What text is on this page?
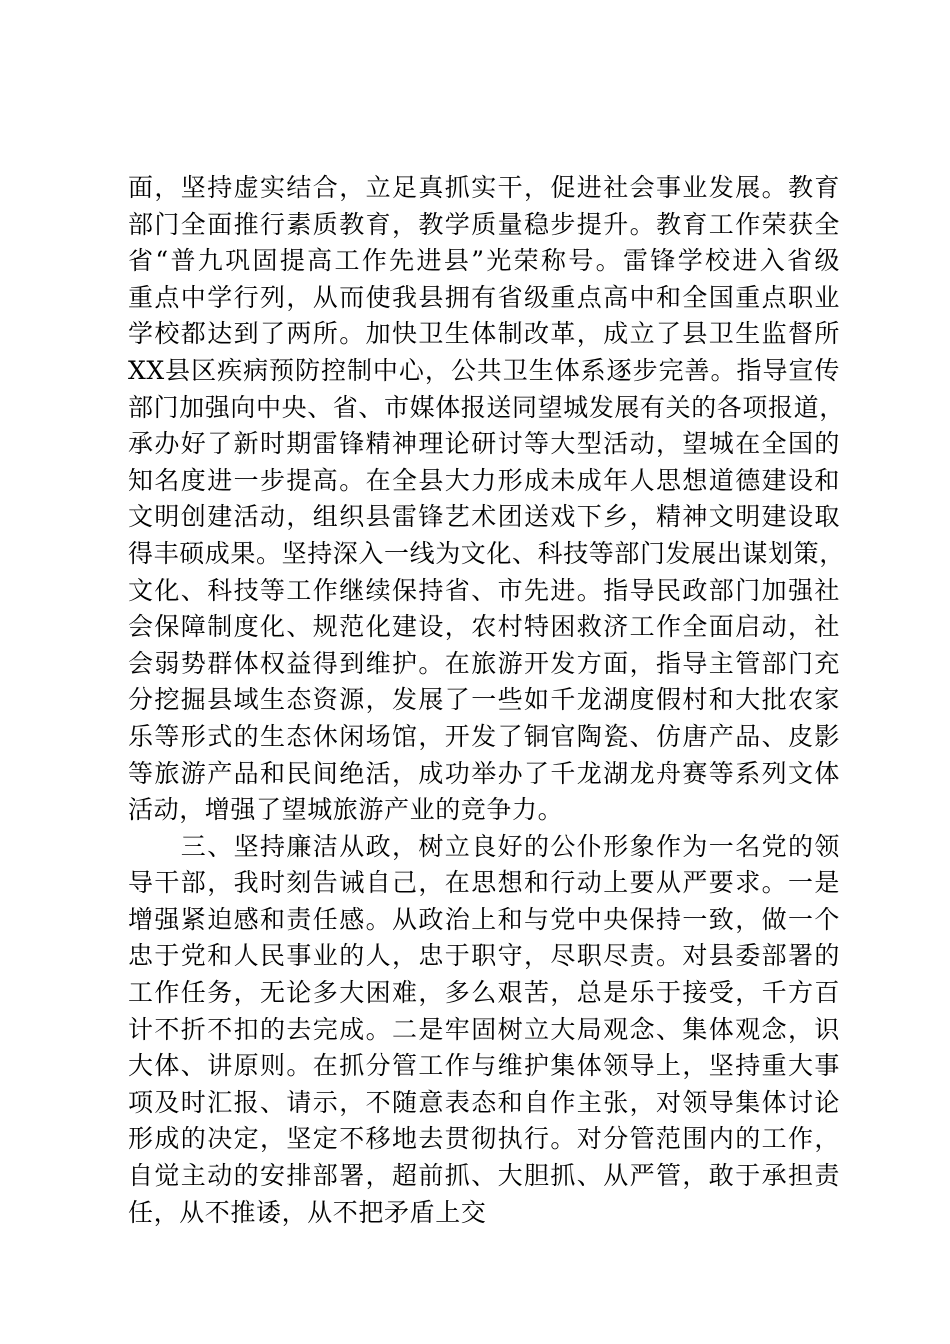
面，坚持虚实结合，立足真抓实干，促进社会事业发展。教育
部门全面推行素质教育，教学质量稳步提升。教育工作荣获全
省“普九巩固提高工作先进县”光荣称号。雷锋学校进入省级
重点中学行列，从而使我县拥有省级重点高中和全国重点职业
学校都达到了两所。加快卫生体制改革，成立了县卫生监督所
XX县区疾病预防控制中心，公共卫生体系逐步完善。指导宣传
部门加强向中央、省、市媒体报送同望城发展有关的各项报道，
承办好了新时期雷锋精神理论研讨等大型活动，望城在全国的
知名度进一步提高。在全县大力形成未成年人思想道德建设和
文明创建活动，组织县雷锋艺术团送戏下乡，精神文明建设取
得丰硕成果。坚持深入一线为文化、科技等部门发展出谋划策，
文化、科技等工作继续保持省、市先进。指导民政部门加强社
会保障制度化、规范化建设，农村特困救济工作全面启动，社
会弱势群体权益得到维护。在旅游开发方面，指导主管部门充
分挖掘县域生态资源，发展了一些如千龙湖度假村和大批农家
乐等形式的生态休闲场馆，开发了铜官陶瓷、仿唐产品、皮影
等旅游产品和民间绝活，成功举办了千龙湖龙舟赛等系列文体
活动，增强了望城旅游产业的竞争力。
　　三、坚持廉洁从政，树立良好的公仆形象作为一名党的领
导干部，我时刻告诫自己，在思想和行动上要从严要求。一是
增强紧迫感和责任感。从政治上和与党中央保持一致，做一个
忠于党和人民事业的人，忠于职守，尽职尽责。对县委部署的
工作任务，无论多大困难，多么艰苦，总是乐于接受，千方百
计不折不扣的去完成。二是牢固树立大局观念、集体观念，识
大体、讲原则。在抓分管工作与维护集体领导上，坚持重大事
项及时汇报、请示，不随意表态和自作主张，对领导集体讨论
形成的决定，坚定不移地去贯彻执行。对分管范围内的工作，
自觉主动的安排部署，超前抓、大胆抓、从严管，敢于承担责
任，从不推诿，从不把矛盾上交
